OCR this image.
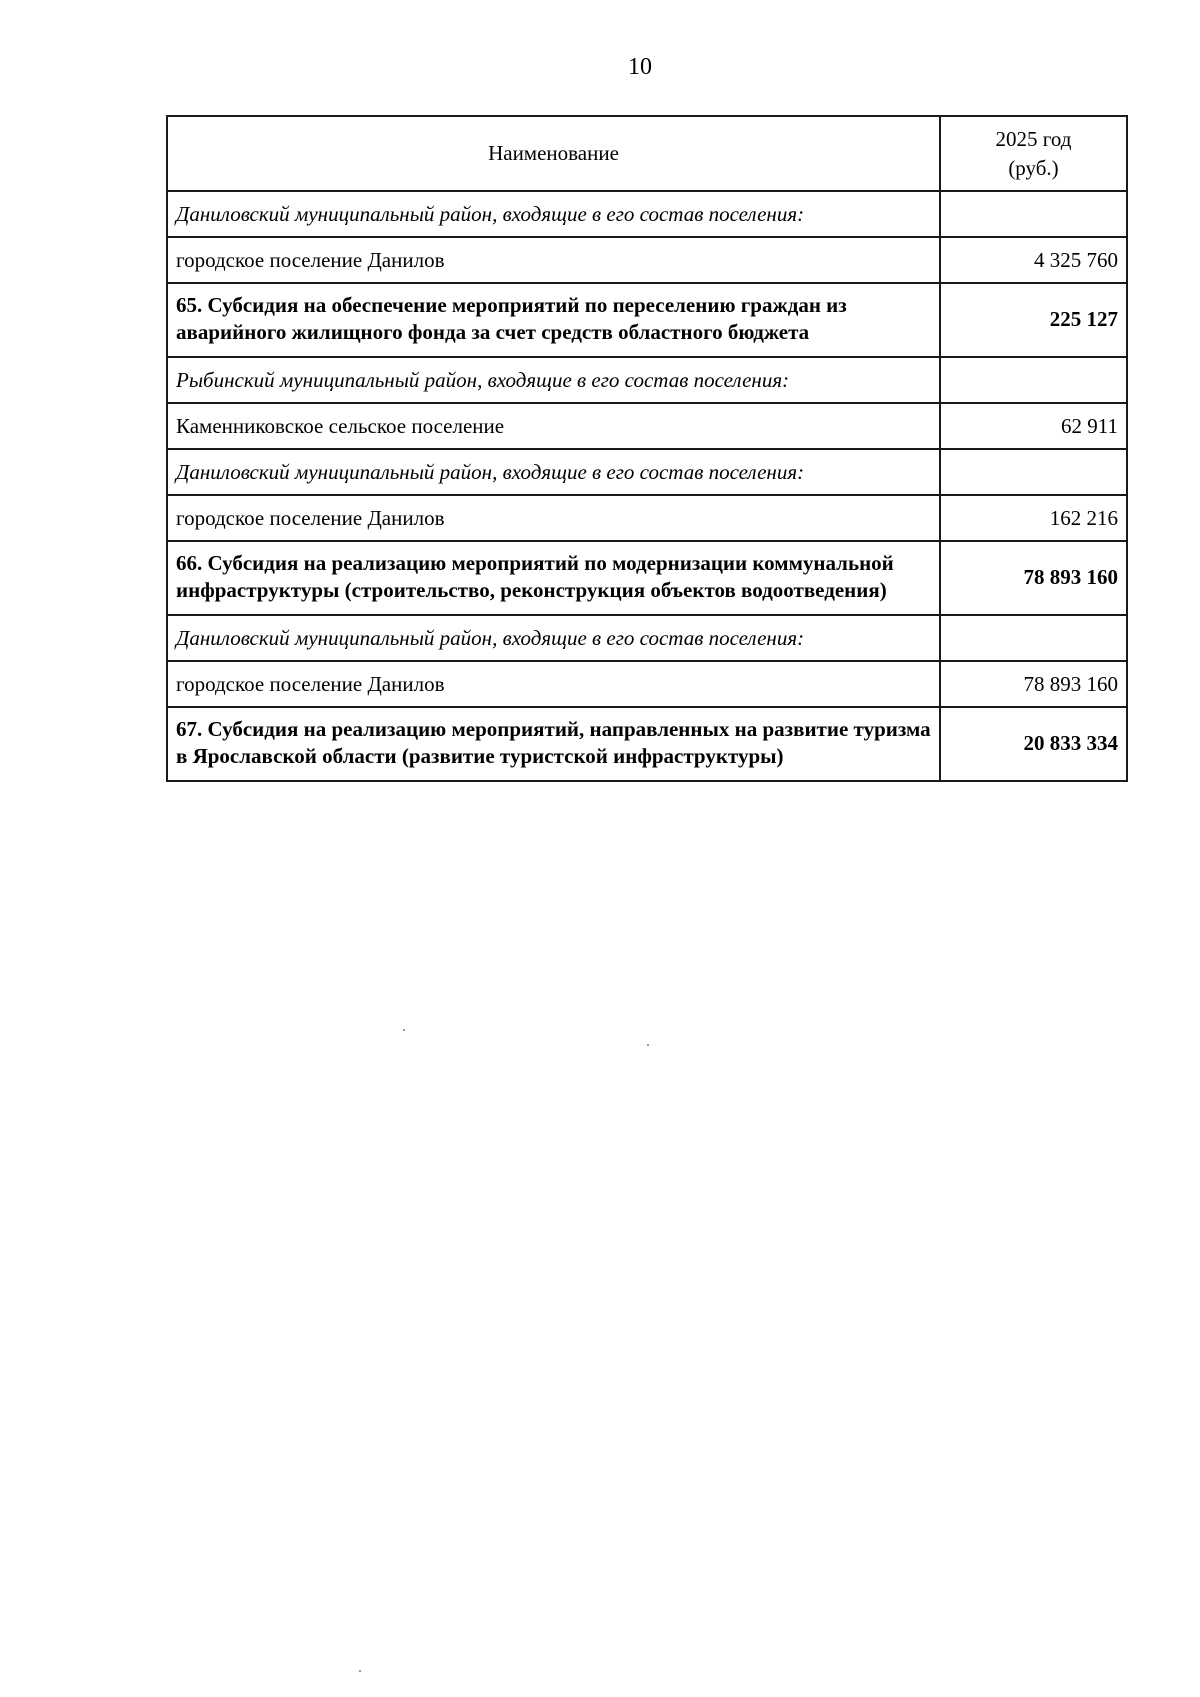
10
Наименование	2025 год
(руб.)

Даниловский муниципальный район, входящие в его состав поселения:	
городское поселение Данилов	4 325 760
65. Субсидия на обеспечение мероприятий по переселению граждан из аварийного жилищного фонда за счет средств областного бюджета	225 127
Рыбинский муниципальный район, входящие в его состав поселения:	
Каменниковское сельское поселение	62 911
Даниловский муниципальный район, входящие в его состав поселения:	
городское поселение Данилов	162 216
66. Субсидия на реализацию мероприятий по модернизации коммунальной инфраструктуры (строительство, реконструкция объектов водоотведения)	78 893 160
Даниловский муниципальный район, входящие в его состав поселения:	
городское поселение Данилов	78 893 160
67. Субсидия на реализацию мероприятий, направленных на развитие туризма в Ярославской области (развитие туристской инфраструктуры)	20 833 334
